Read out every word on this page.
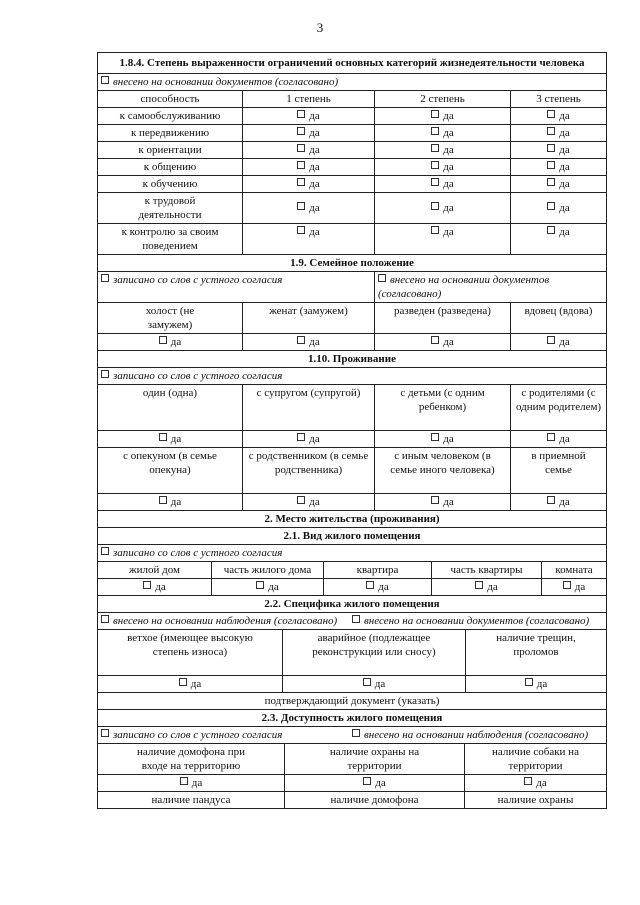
3
1.8.4. Степень выраженности ограничений основных категорий жизнедеятельности человека			
внесено на основании документов (согласовано)			
способность	1 степень	2 степень	3 степень
к самообслуживанию	да	да	да
к передвижению	да	да	да
к ориентации	да	да	да
к общению	да	да	да
к обучению	да	да	да
к трудовой деятельности	да	да	да
к контролю за своим поведением	да	да	да
1.9. Семейное положение			
записано со слов с устного согласия		внесено на основании документов (согласовано)	
холост (не замужем)	женат (замужем)	разведен (разведена)	вдовец (вдова)
да	да	да	да
1.10. Проживание			
записано со слов с устного согласия			
один (одна)	с супругом (супругой)	с детьми (с одним ребенком)	с родителями (с одним родителем)
да	да	да	да
с опекуном (в семье опекуна)	с родственником (в семье родственника)	с иным человеком (в семье иного человека)	в приемной семье
да	да	да	да
2. Место жительства (проживания)			
2.1. Вид жилого помещения				
записано со слов с устного согласия				
жилой дом	часть жилого дома	квартира	часть квартиры	комната
да	да	да	да	да
2.2. Специфика жилого помещения		

внесено на основании наблюдения (согласовано) внесено на основании документов (согласовано)		

ветхое (имеющее высокую степень износа)	аварийное (подлежащее реконструкции или сносу)	наличие трещин, проломов
да	да	да
подтверждающий документ (указать)		
2.3. Доступность жилого помещения		

записано со слов с устного согласия внесено на основании наблюдения (согласовано)		

наличие домофона при входе на территорию	наличие охраны на территории	наличие собаки на территории
да	да	да
наличие пандуса	наличие домофона	наличие охраны
